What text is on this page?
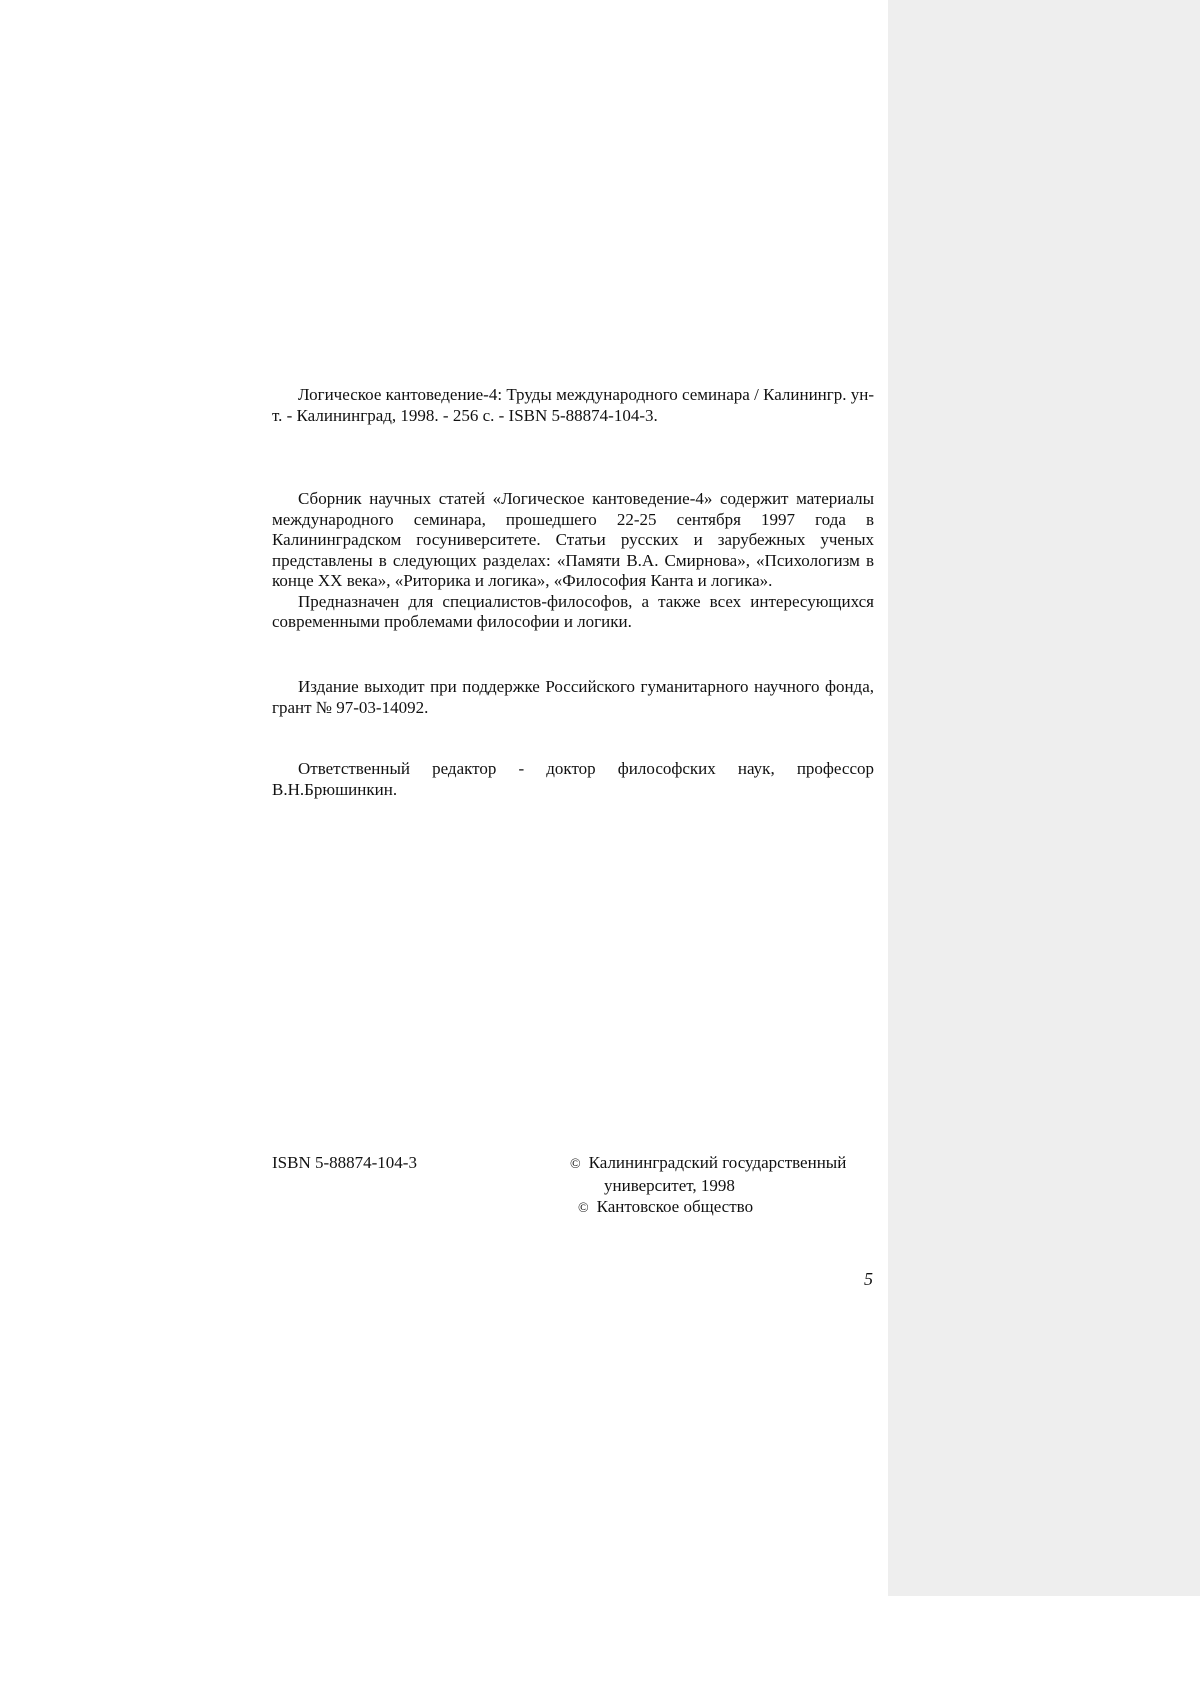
Логическое кантоведение-4: Труды международного семинара / Калинингр. ун-т. - Калининград, 1998. - 256 с. - ISBN 5-88874-104-3.

Сборник научных статей «Логическое кантоведение-4» содержит материалы международного семинара, прошедшего 22-25 сентября 1997 года в Калининградском госуниверситете. Статьи русских и зарубежных ученых представлены в следующих разделах: «Памяти В.А. Смирнова», «Психологизм в конце XX века», «Риторика и логика», «Философия Канта и логика».

Предназначен для специалистов-философов, а также всех интересующихся современными проблемами философии и логики.

Издание выходит при поддержке Российского гуманитарного научного фонда, грант № 97-03-14092.

Ответственный редактор - доктор философских наук, профессор В.Н.Брюшинкин.

ISBN 5-88874-104-3	© Калининградский государственный
университет, 1998
© Кантовское общество
5
